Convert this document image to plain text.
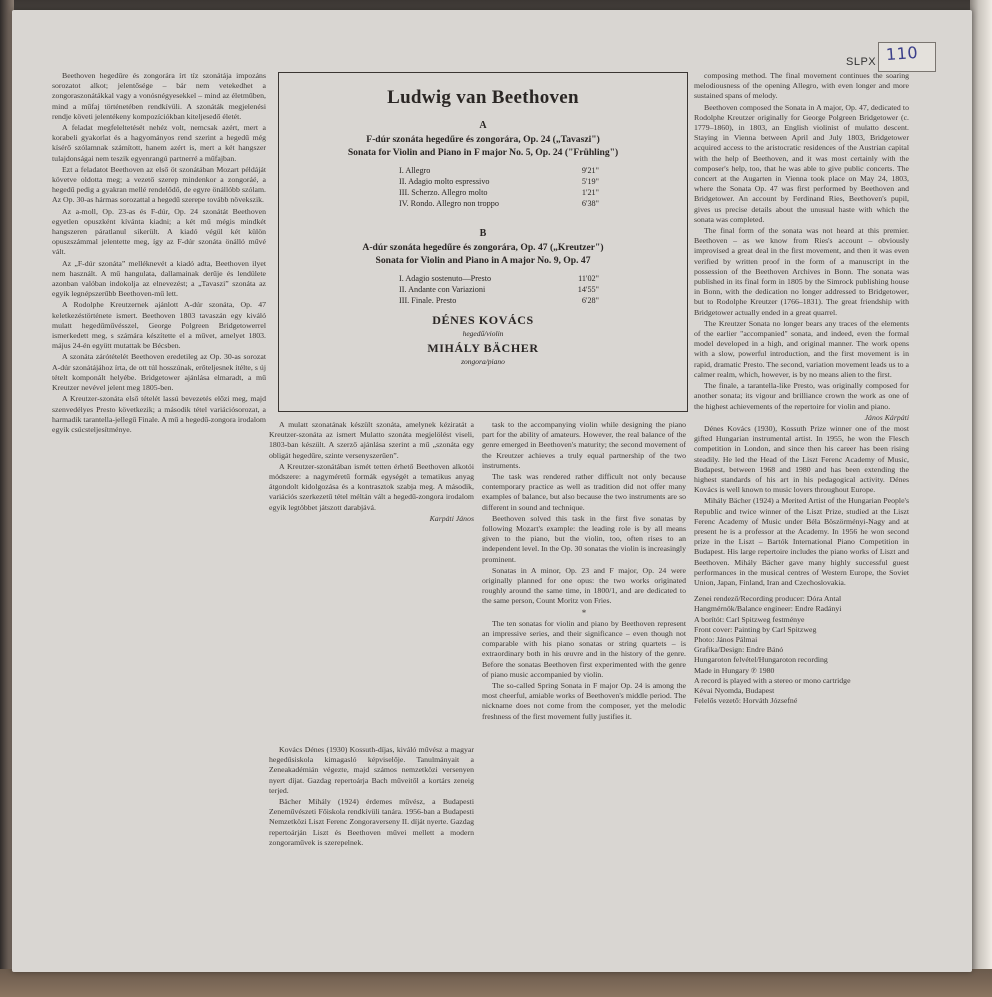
SLPX 110

Beethoven hegedűre és zongorára írt tíz szonátája impozáns sorozatot alkot; jelentősége – bár nem vetekedhet a zongoraszonátákkal vagy a vonósnégyesekkel – mind az életműben, mind a műfaj történetében rendkívüli. A szonáták megjelenési rendje követi jelentékeny kompozíciókban kiteljesedő életét.

A feladat megfeleltetését nehéz volt, nemcsak azért, mert a korabeli gyakorlat és a hagyományos rend szerint a hegedű még kísérő szólamnak számított, hanem azért is, mert a két hangszer tulajdonságai nem teszik egyenrangú partnerré a műfajban.

Ezt a feladatot Beethoven az első öt szonátában Mozart példáját követve oldotta meg; a vezető szerep mindenkor a zongoráé, a hegedű pedig a gyakran mellé rendelődő, de egyre önállóbb szólam. Az Op. 30-as hármas sorozattal a hegedű szerepe tovább növekszik.

Az a-moll, Op. 23-as és F-dúr, Op. 24 szonátát Beethoven egyetlen opuszként kívánta kiadni; a két mű mégis mindkét hangszeren páratlanul sikerült. A kiadó végül két külön opuszszámmal jelentette meg, így az F-dúr szonáta önálló művé vált.

Az „F-dúr szonáta” melléknevét a kiadó adta, Beethoven ilyet nem használt. A mű hangulata, dallamainak derűje és lendülete azonban valóban indokolja az elnevezést; a „Tavaszi” szonáta az egyik legnépszerűbb Beethoven-mű lett.

A Rodolphe Kreutzernek ajánlott A-dúr szonáta, Op. 47 keletkezéstörténete ismert. Beethoven 1803 tavaszán egy kiváló mulatt hegedűművésszel, George Polgreen Bridgetowerrel ismerkedett meg, s számára készítette el a művet, amelyet 1803. május 24-én együtt mutattak be Bécsben.

A szonáta zárótételét Beethoven eredetileg az Op. 30-as sorozat A-dúr szonátájához írta, de ott túl hosszúnak, erőteljesnek ítélte, s új tételt komponált helyébe. Bridgetower ajánlása elmaradt, a mű Kreutzer nevével jelent meg 1805-ben.

A Kreutzer-szonáta első tételét lassú bevezetés előzi meg, majd szenvedélyes Presto következik; a második tétel variációsorozat, a harmadik tarantella-jellegű Finale. A mű a hegedű-zongora irodalom egyik csúcsteljesítménye.

Ludwig van Beethoven
A
F-dúr szonáta hegedűre és zongorára, Op. 24 („Tavaszi")
Sonata for Violin and Piano in F major No. 5, Op. 24 ("Frühling")
I. Allegro	9'21"
II. Adagio molto espressivo	5'19"
III. Scherzo. Allegro molto	1'21"
IV. Rondo. Allegro non troppo	6'38"
B
A-dúr szonáta hegedűre és zongorára, Op. 47 („Kreutzer")
Sonata for Violin and Piano in A major No. 9, Op. 47
I. Adagio sostenuto—Presto	11'02"
II. Andante con Variazioni	14'55"
III. Finale. Presto	6'28"
DÉNES KOVÁCS
hegedű/violin
MIHÁLY BÄCHER
zongora/piano

A mulatt szonatának készült szonáta, amelynek kéziratát a Kreutzer-szonáta az ismert Mulatto szonáta megjelölést viseli, 1803-ban készült. A szerző ajánlása szerint a mű „szonáta egy obligát hegedűre, szinte versenyszerűen”.

A Kreutzer-szonátában ismét tetten érhető Beethoven alkotói módszere: a nagyméretű formák egységét a tematikus anyag átgondolt kidolgozása és a kontrasztok szabja meg. A második, variációs szerkezetű tétel méltán vált a hegedű-zongora irodalom egyik legtöbbet játszott darabjává.

Karpáti János

Kovács Dénes (1930) Kossuth-díjas, kiváló művész a magyar hegedűsiskola kimagasló képviselője. Tanulmányait a Zeneakadémián végezte, majd számos nemzetközi versenyen nyert díjat. Gazdag repertoárja Bach műveitől a kortárs zeneig terjed.

Bächer Mihály (1924) érdemes művész, a Budapesti Zeneművészeti Főiskola rendkívüli tanára. 1956-ban a Budapesti Nemzetközi Liszt Ferenc Zongoraverseny II. díját nyerte. Gazdag repertoárján Liszt és Beethoven művei mellett a modern zongoraművek is szerepelnek.

task to the accompanying violin while designing the piano part for the ability of amateurs. However, the real balance of the genre emerged in Beethoven's maturity; the second movement of the Kreutzer achieves a truly equal partnership of the two instruments.

The task was rendered rather difficult not only because contemporary practice as well as tradition did not offer many examples of balance, but also because the two instruments are so different in sound and technique.

Beethoven solved this task in the first five sonatas by following Mozart's example: the leading role is by all means given to the piano, but the violin, too, often rises to an independent level. In the Op. 30 sonatas the violin is increasingly prominent.

Sonatas in A minor, Op. 23 and F major, Op. 24 were originally planned for one opus: the two works originated roughly around the same time, in 1800/1, and are dedicated to the same person, Count Moritz von Fries.

*

The ten sonatas for violin and piano by Beethoven represent an impressive series, and their significance – even though not comparable with his piano sonatas or string quartets – is extraordinary both in his œuvre and in the history of the genre. Before the sonatas Beethoven first experimented with the genre of piano music accompanied by violin.

The so-called Spring Sonata in F major Op. 24 is among the most cheerful, amiable works of Beethoven's middle period. The nickname does not come from the composer, yet the melodic freshness of the first movement fully justifies it.

composing method. The final movement continues the soaring melodiousness of the opening Allegro, with even longer and more sustained spans of melody.

Beethoven composed the Sonata in A major, Op. 47, dedicated to Rodolphe Kreutzer originally for George Polgreen Bridgetower (c. 1779–1860), in 1803, an English violinist of mulatto descent. Staying in Vienna between April and July 1803, Bridgetower acquired access to the aristocratic residences of the Austrian capital with the help of Beethoven, and it was most certainly with the composer's help, too, that he was able to give public concerts. The concert at the Augarten in Vienna took place on May 24, 1803, where the Sonata Op. 47 was first performed by Beethoven and Bridgetower. An account by Ferdinand Ries, Beethoven's pupil, gives us precise details about the unusual haste with which the sonata was completed.

The final form of the sonata was not heard at this premier. Beethoven – as we know from Ries's account – obviously improvised a great deal in the first movement, and then it was even verified by written proof in the form of a manuscript in the possession of the Beethoven Archives in Bonn. The sonata was published in its final form in 1805 by the Simrock publishing house in Bonn, with the dedication no longer addressed to Bridgetower, but to Rodolphe Kreutzer (1766–1831). The great friendship with Bridgetower actually ended in a great quarrel.

The Kreutzer Sonata no longer bears any traces of the elements of the earlier "accompanied" sonata, and indeed, even the formal model developed in a high, and original manner. The work opens with a slow, powerful introduction, and the first movement is in rapid, dramatic Presto. The second, variation movement leads us to a calmer realm, which, however, is by no means alien to the first.

The finale, a tarantella-like Presto, was originally composed for another sonata; its vigour and brilliance crown the work as one of the highest achievements of the repertoire for violin and piano.

János Kárpáti

Dénes Kovács (1930), Kossuth Prize winner one of the most gifted Hungarian instrumental artist. In 1955, he won the Flesch competition in London, and since then his career has been rising steadily. He led the Head of the Liszt Ferenc Academy of Music, Budapest, between 1968 and 1980 and has been extending the highest standards of his art in his pedagogical activity. Dénes Kovács is well known to music lovers throughout Europe.

Mihály Bächer (1924) a Merited Artist of the Hungarian People's Republic and twice winner of the Liszt Prize, studied at the Liszt Ferenc Academy of Music under Béla Böszörményi-Nagy and at present he is a professor at the Academy. In 1956 he won second prize in the Liszt – Bartók International Piano Competition in Budapest. His large repertoire includes the piano works of Liszt and Beethoven. Mihály Bächer gave many highly successful guest performances in the musical centres of Western Europe, the Soviet Union, Japan, Finland, Iran and Czechoslovakia.

Zenei rendező/Recording producer: Dóra Antal

Hangmérnök/Balance engineer: Endre Radányi

A borítót: Carl Spitzweg festménye

Front cover: Painting by Carl Spitzweg

Photo: János Pálmai

Grafika/Design: Endre Bánó

Hungaroton felvétel/Hungaroton recording

Made in Hungary ℗ 1980

A record is played with a stereo or mono cartridge

Kévai Nyomda, Budapest

Felelős vezető: Horváth Józsefné
